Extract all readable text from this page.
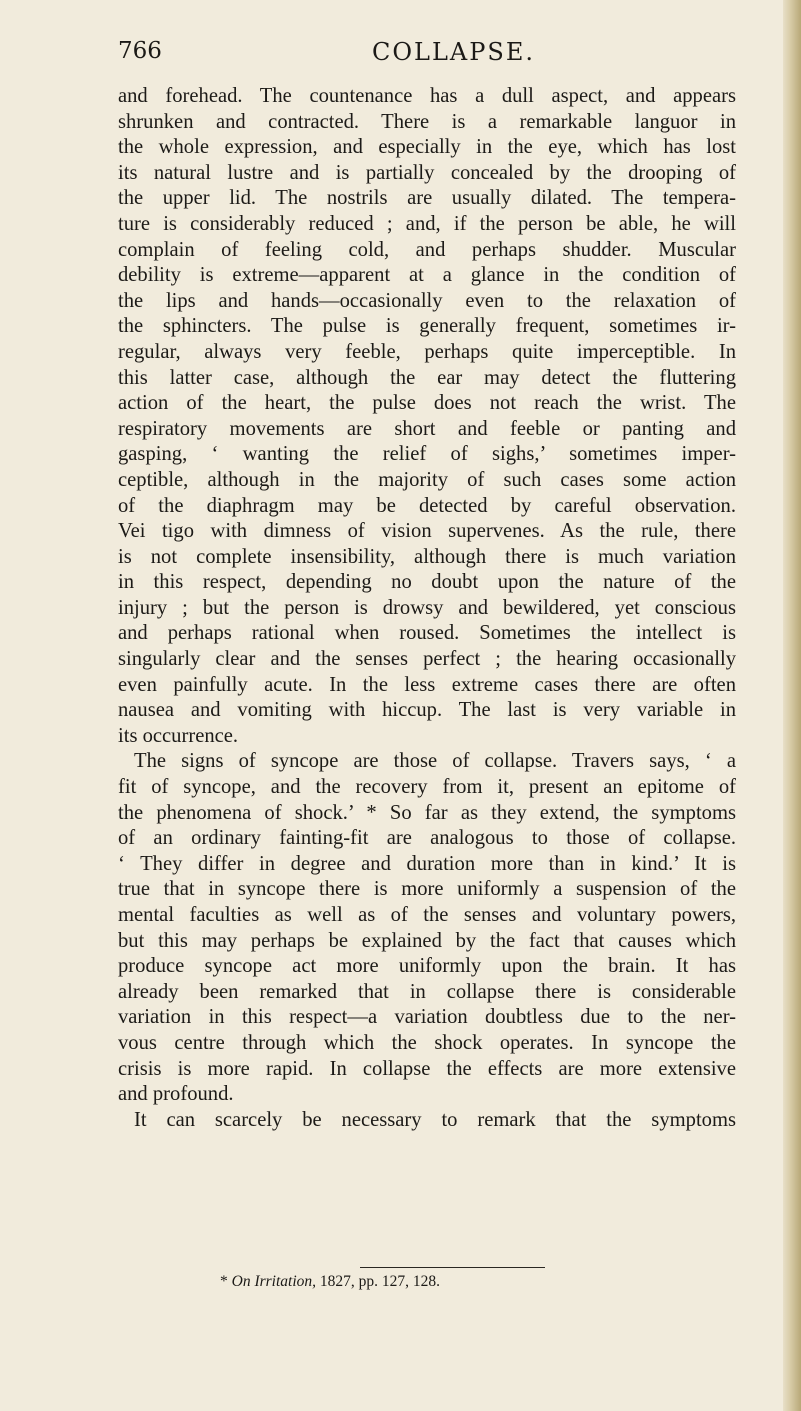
766	COLLAPSE.
and forehead. The countenance has a dull aspect, and appears
shrunken and contracted. There is a remarkable languor in
the whole expression, and especially in the eye, which has lost
its natural lustre and is partially concealed by the drooping of
the upper lid. The nostrils are usually dilated. The tempera-
ture is considerably reduced ; and, if the person be able, he will
complain of feeling cold, and perhaps shudder. Muscular
debility is extreme—apparent at a glance in the condition of
the lips and hands—occasionally even to the relaxation of
the sphincters. The pulse is generally frequent, sometimes ir-
regular, always very feeble, perhaps quite imperceptible. In
this latter case, although the ear may detect the fluttering
action of the heart, the pulse does not reach the wrist. The
respiratory movements are short and feeble or panting and
gasping, ‘ wanting the relief of sighs,’ sometimes imper-
ceptible, although in the majority of such cases some action
of the diaphragm may be detected by careful observation.
Vei tigo with dimness of vision supervenes. As the rule, there
is not complete insensibility, although there is much variation
in this respect, depending no doubt upon the nature of the
injury ; but the person is drowsy and bewildered, yet conscious
and perhaps rational when roused. Sometimes the intellect is
singularly clear and the senses perfect ; the hearing occasionally
even painfully acute. In the less extreme cases there are often
nausea and vomiting with hiccup. The last is very variable in
its occurrence.
The signs of syncope are those of collapse. Travers says, ‘ a
fit of syncope, and the recovery from it, present an epitome of
the phenomena of shock.’ * So far as they extend, the symptoms
of an ordinary fainting-fit are analogous to those of collapse.
‘ They differ in degree and duration more than in kind.’ It is
true that in syncope there is more uniformly a suspension of the
mental faculties as well as of the senses and voluntary powers,
but this may perhaps be explained by the fact that causes which
produce syncope act more uniformly upon the brain. It has
already been remarked that in collapse there is considerable
variation in this respect—a variation doubtless due to the ner-
vous centre through which the shock operates. In syncope the
crisis is more rapid. In collapse the effects are more extensive
and profound.
It can scarcely be necessary to remark that the symptoms
* On Irritation, 1827, pp. 127, 128.
